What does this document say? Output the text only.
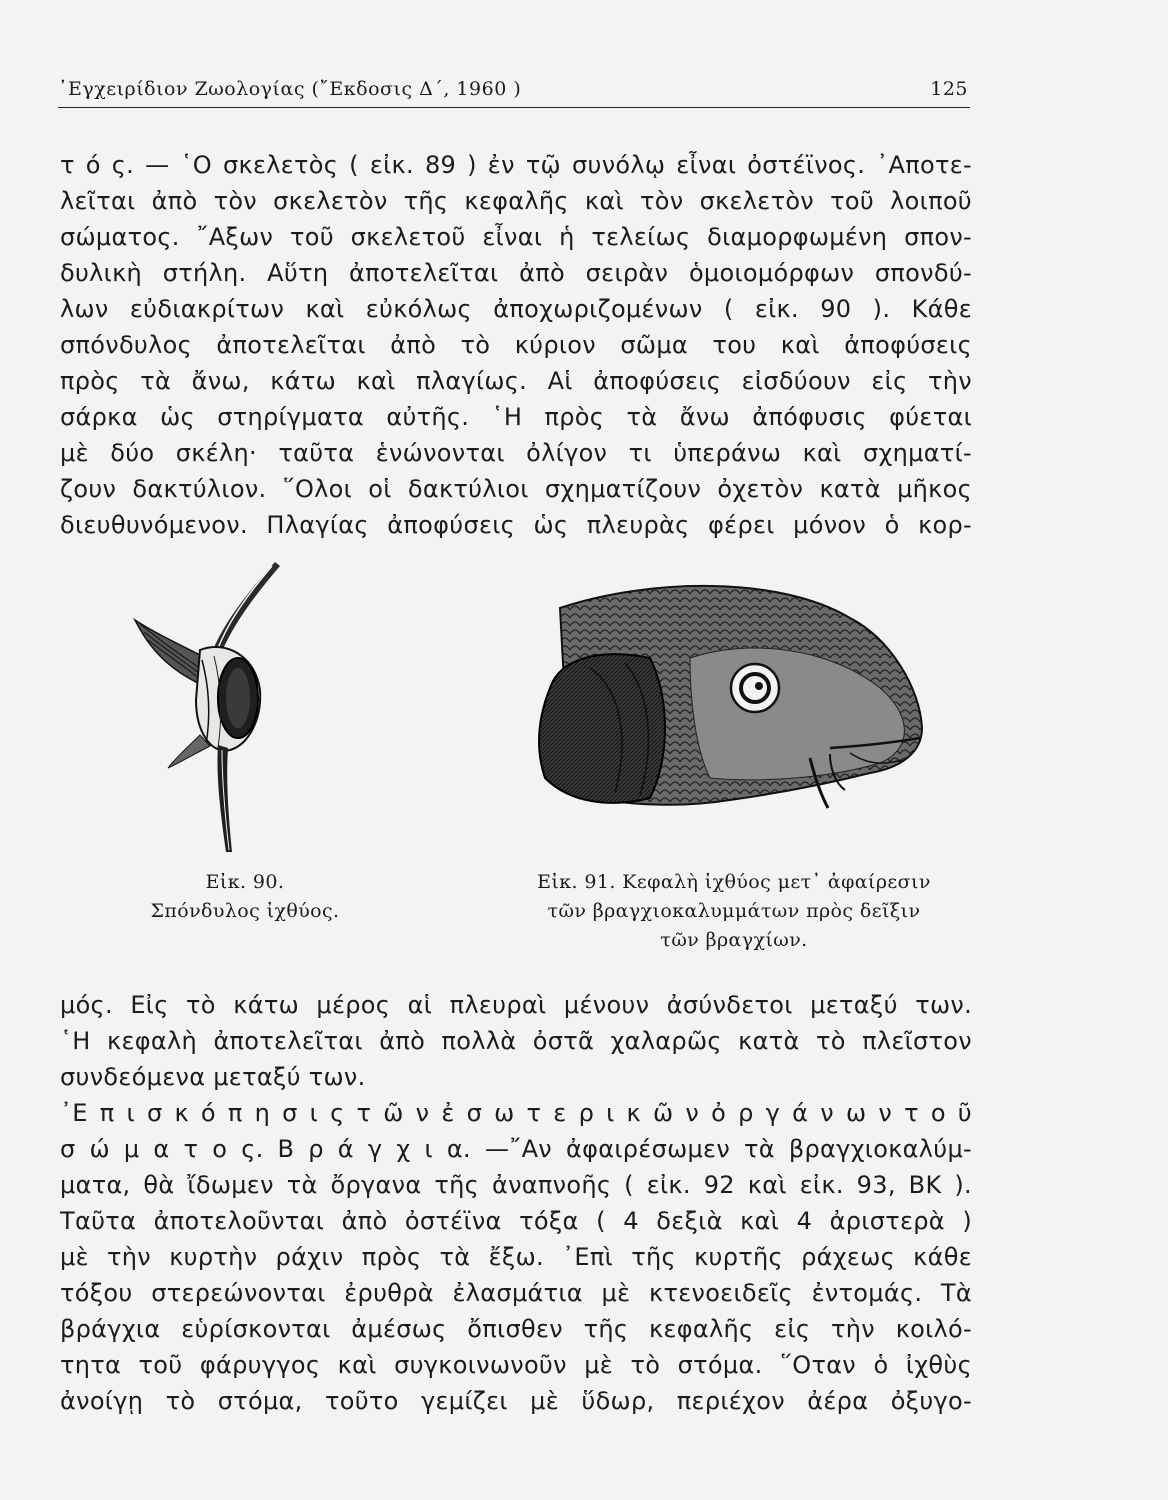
᾿Εγχειρίδιον Ζωολογίας (῎Εκδοσις Δ΄, 1960 )	125
τ ό ς. — ῾Ο σκελετὸς ( εἰκ. 89 ) ἐν τῷ συνόλῳ εἶναι ὀστέϊνος. ᾿Αποτε-
λεῖται ἀπὸ τὸν σκελετὸν τῆς κεφαλῆς καὶ τὸν σκελετὸν τοῦ λοιποῦ
σώματος. ῎Αξων τοῦ σκελετοῦ εἶναι ἡ τελείως διαμορφωμένη σπον-
δυλικὴ στήλη. Αὕτη ἀποτελεῖται ἀπὸ σειρὰν ὁμοιομόρφων σπονδύ-
λων εὐδιακρίτων καὶ εὐκόλως ἀποχωριζομένων ( εἰκ. 90 ). Κάθε
σπόνδυλος ἀποτελεῖται ἀπὸ τὸ κύριον σῶμα του καὶ ἀποφύσεις
πρὸς τὰ ἄνω, κάτω καὶ πλαγίως. Αἱ ἀποφύσεις εἰσδύουν εἰς τὴν
σάρκα ὡς στηρίγματα αὐτῆς. ῾Η πρὸς τὰ ἄνω ἀπόφυσις φύεται
μὲ δύο σκέλη· ταῦτα ἑνώνονται ὀλίγον τι ὑπεράνω καὶ σχηματί-
ζουν δακτύλιον. ῞Ολοι οἱ δακτύλιοι σχηματίζουν ὀχετὸν κατὰ μῆκος
διευθυνόμενον. Πλαγίας ἀποφύσεις ὡς πλευρὰς φέρει μόνον ὁ κορ-
Εἰκ. 90.
Σπόνδυλος ἰχθύος.
Εἰκ. 91. Κεφαλὴ ἰχθύος μετ᾿ ἀφαίρεσιν
τῶν βραγχιοκαλυμμάτων πρὸς δεῖξιν
τῶν βραγχίων.
μός. Εἰς τὸ κάτω μέρος αἱ πλευραὶ μένουν ἀσύνδετοι μεταξύ των.
῾Η κεφαλὴ ἀποτελεῖται ἀπὸ πολλὰ ὀστᾶ χαλαρῶς κατὰ τὸ πλεῖστον
συνδεόμενα μεταξύ των.
᾿Ε π ι σ κ ό π η σ ι ς τ ῶ ν ἐ σ ω τ ε ρ ι κ ῶ ν ὀ ρ γ ά ν ω ν τ ο ῦ
σ ώ μ α τ ο ς. Β ρ ά γ χ ι α. —῎Αν ἀφαιρέσωμεν τὰ βραγχιοκαλύμ-
ματα, θὰ ἴδωμεν τὰ ὄργανα τῆς ἀναπνοῆς ( εἰκ. 92 καὶ εἰκ. 93, ΒΚ ).
Ταῦτα ἀποτελοῦνται ἀπὸ ὀστέϊνα τόξα ( 4 δεξιὰ καὶ 4 ἀριστερὰ )
μὲ τὴν κυρτὴν ράχιν πρὸς τὰ ἔξω. ᾿Επὶ τῆς κυρτῆς ράχεως κάθε
τόξου στερεώνονται ἐρυθρὰ ἐλασμάτια μὲ κτενοειδεῖς ἐντομάς. Τὰ
βράγχια εὑρίσκονται ἀμέσως ὄπισθεν τῆς κεφαλῆς εἰς τὴν κοιλό-
τητα τοῦ φάρυγγος καὶ συγκοινωνοῦν μὲ τὸ στόμα. ῞Οταν ὁ ἰχθὺς
ἀνοίγῃ τὸ στόμα, τοῦτο γεμίζει μὲ ὕδωρ, περιέχον ἀέρα ὀξυγο-
